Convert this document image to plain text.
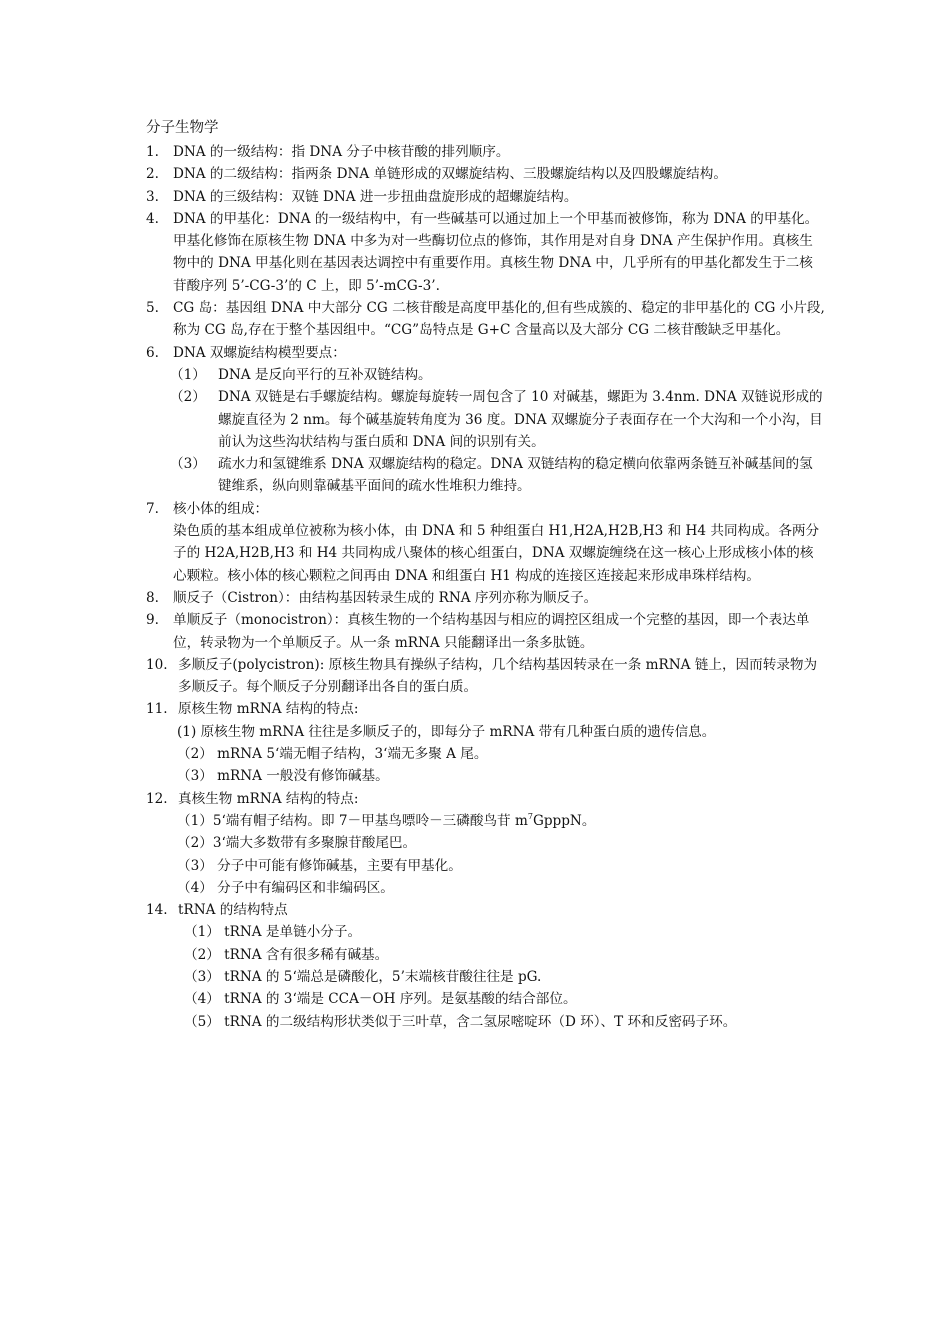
分子生物学
1. DNA 的一级结构：指 DNA 分子中核苷酸的排列顺序。
2. DNA 的二级结构：指两条 DNA 单链形成的双螺旋结构、三股螺旋结构以及四股螺旋结构。
3. DNA 的三级结构：双链 DNA 进一步扭曲盘旋形成的超螺旋结构。
4. DNA 的甲基化：DNA 的一级结构中，有一些碱基可以通过加上一个甲基而被修饰，称为 DNA 的甲基化。甲基化修饰在原核生物 DNA 中多为对一些酶切位点的修饰，其作用是对自身 DNA 产生保护作用。真核生物中的 DNA 甲基化则在基因表达调控中有重要作用。真核生物 DNA 中，几乎所有的甲基化都发生于二核苷酸序列 5’-CG-3’的 C 上，即 5’-mCG-3’.
5. CG 岛：基因组 DNA 中大部分 CG 二核苷酸是高度甲基化的,但有些成簇的、稳定的非甲基化的 CG 小片段,称为 CG 岛,存在于整个基因组中。“CG”岛特点是 G+C 含量高以及大部分 CG 二核苷酸缺乏甲基化。
6. DNA 双螺旋结构模型要点：
（1） DNA 是反向平行的互补双链结构。
（2） DNA 双链是右手螺旋结构。螺旋每旋转一周包含了 10 对碱基，螺距为 3.4nm. DNA 双链说形成的螺旋直径为 2 nm。每个碱基旋转角度为 36 度。DNA 双螺旋分子表面存在一个大沟和一个小沟，目前认为这些沟状结构与蛋白质和 DNA 间的识别有关。
（3） 疏水力和氢键维系 DNA 双螺旋结构的稳定。DNA 双链结构的稳定横向依靠两条链互补碱基间的氢键维系，纵向则靠碱基平面间的疏水性堆积力维持。
7. 核小体的组成：
染色质的基本组成单位被称为核小体，由 DNA 和 5 种组蛋白 H1,H2A,H2B,H3 和 H4 共同构成。各两分子的 H2A,H2B,H3 和 H4 共同构成八聚体的核心组蛋白，DNA 双螺旋缠绕在这一核心上形成核小体的核心颗粒。核小体的核心颗粒之间再由 DNA 和组蛋白 H1 构成的连接区连接起来形成串珠样结构。
8. 顺反子（Cistron）：由结构基因转录生成的 RNA 序列亦称为顺反子。
9. 单顺反子（monocistron）：真核生物的一个结构基因与相应的调控区组成一个完整的基因，即一个表达单位，转录物为一个单顺反子。从一条 mRNA 只能翻译出一条多肽链。
10. 多顺反子(polycistron): 原核生物具有操纵子结构，几个结构基因转录在一条 mRNA 链上，因而转录物为多顺反子。每个顺反子分别翻译出各自的蛋白质。
11. 原核生物 mRNA 结构的特点:
(1) 原核生物 mRNA 往往是多顺反子的，即每分子 mRNA 带有几种蛋白质的遗传信息。
（2） mRNA 5‘端无帽子结构，3‘端无多聚 A 尾。
（3） mRNA 一般没有修饰碱基。
12. 真核生物 mRNA 结构的特点:
（1）5‘端有帽子结构。即 7－甲基鸟嘌呤－三磷酸鸟苷 $m^7GpppN$。
（2）3‘端大多数带有多聚腺苷酸尾巴。
（3） 分子中可能有修饰碱基，主要有甲基化。
（4） 分子中有编码区和非编码区。
14. tRNA 的结构特点
（1） tRNA 是单链小分子。
（2） tRNA 含有很多稀有碱基。
（3） tRNA 的 5‘端总是磷酸化，5’末端核苷酸往往是 pG.
（4） tRNA 的 3‘端是 CCA－OH 序列。是氨基酸的结合部位。
（5） tRNA 的二级结构形状类似于三叶草，含二氢尿嘧啶环（D 环）、T 环和反密码子环。
